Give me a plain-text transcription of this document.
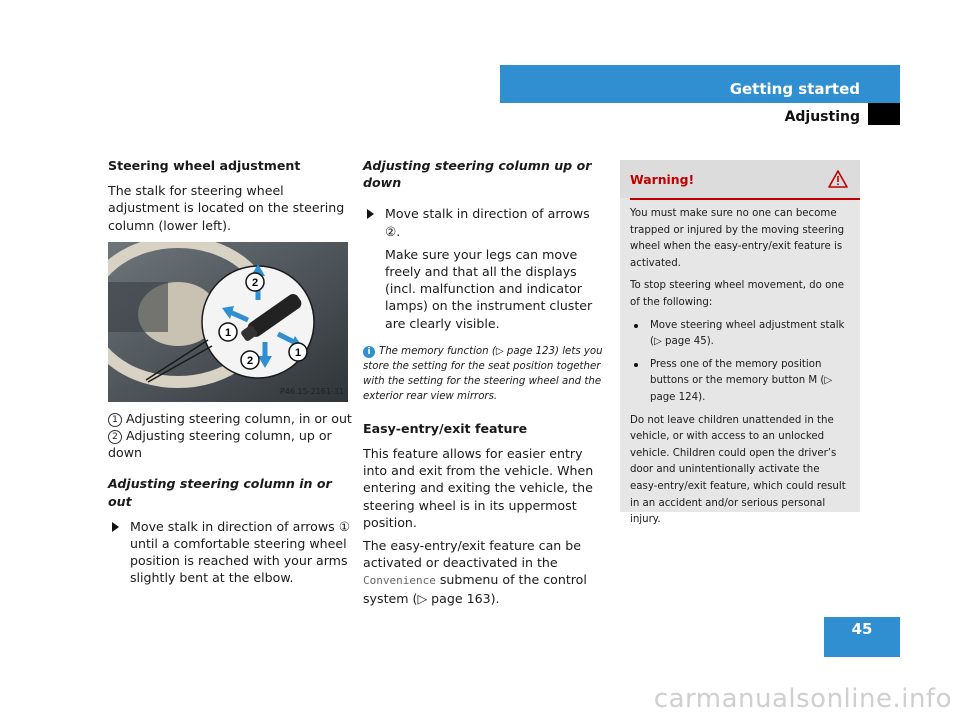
Getting started
Adjusting
Steering wheel adjustment

The stalk for steering wheel adjustment is located on the steering column (lower left).

2
1
1
2
P46.15-2161-31
1 Adjusting steering column, in or out
2 Adjusting steering column, up or down
Adjusting steering column in or out
Move stalk in direction of arrows ① until a comfortable steering wheel position is reached with your arms slightly bent at the elbow.
Adjusting steering column up or down
Move stalk in direction of arrows ②.

Make sure your legs can move freely and that all the displays (incl. malfunction and indicator lamps) on the instrument cluster are clearly visible.

i The memory function (▷ page 123) lets you store the setting for the seat position together with the setting for the steering wheel and the exterior rear view mirrors.
Easy-entry/exit feature

This feature allows for easier entry into and exit from the vehicle. When entering and exiting the vehicle, the steering wheel is in its uppermost position.

The easy-entry/exit feature can be activated or deactivated in the Convenience submenu of the control system (▷ page 163).

Warning!

You must make sure no one can become trapped or injured by the moving steering wheel when the easy-entry/exit feature is activated.

To stop steering wheel movement, do one of the following:

Move steering wheel adjustment stalk (▷ page 45).
Press one of the memory position buttons or the memory button M (▷ page 124).

Do not leave children unattended in the vehicle, or with access to an unlocked vehicle. Children could open the driver’s door and unintentionally activate the easy-entry/exit feature, which could result in an accident and/or serious personal injury.

45
carmanualsonline.info
